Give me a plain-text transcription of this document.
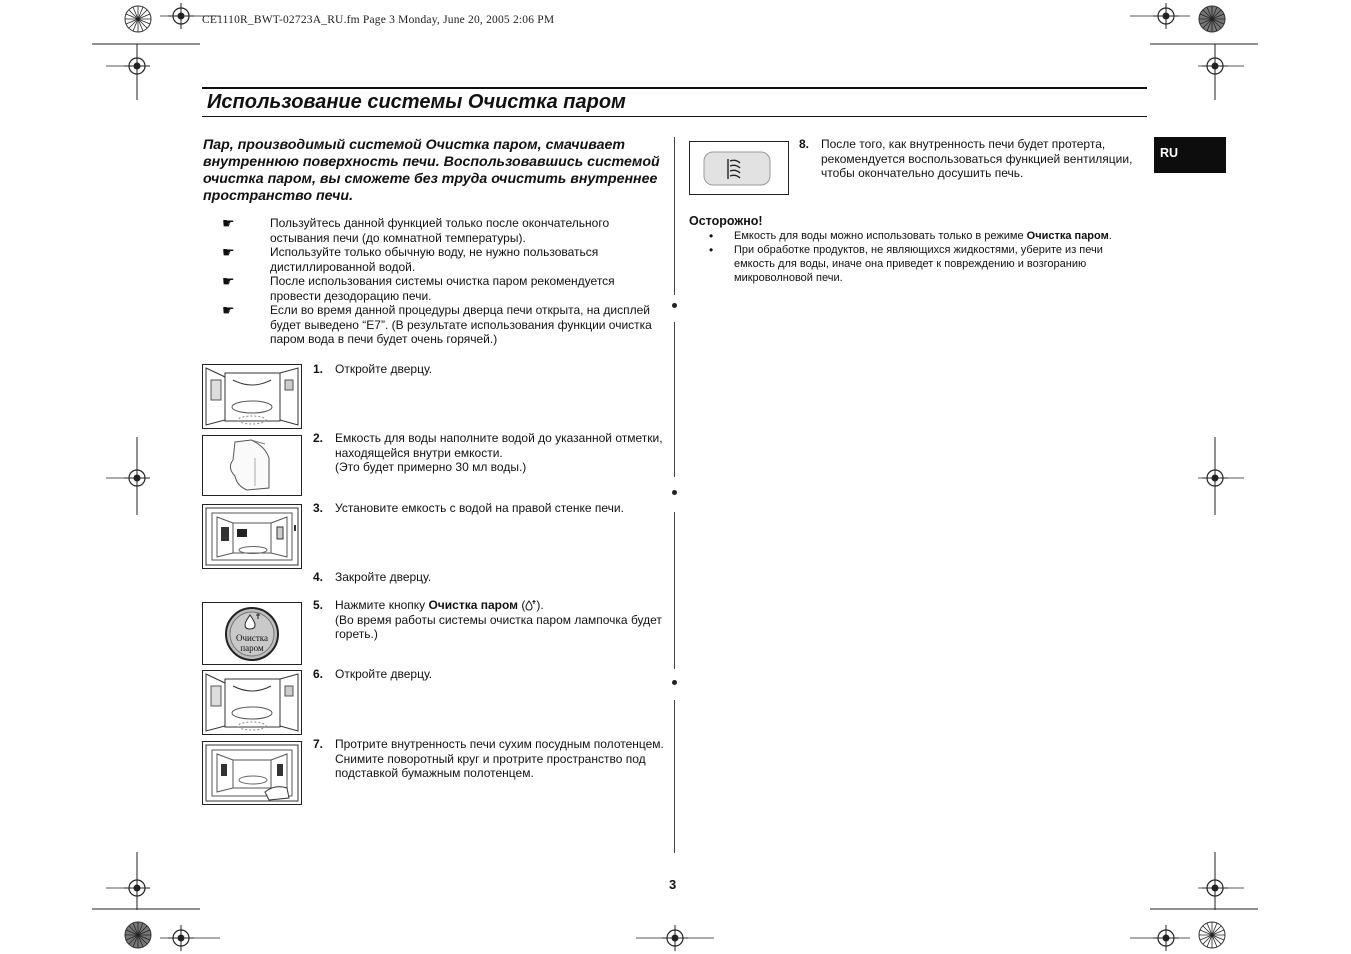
CE1110R_BWT-02723A_RU.fm Page 3 Monday, June 20, 2005 2:06 PM
Использование системы Очистка паром
RU
Пар, производимый системой Очистка паром, смачивает внутреннюю поверхность печи. Воспользовавшись системой очистка паром, вы сможете без труда очистить внутреннее пространство печи.
☛	Пользуйтесь данной функцией только после окончательного остывания печи (до комнатной температуры).
☛	Используйте только обычную воду, не нужно пользоваться дистиллированной водой.
☛	После использования системы очистка паром рекомендуется провести дезодорацию печи.
☛	Если во время данной процедуры дверца печи открыта, на дисплей будет выведено “E7”. (В результате использования функции очистка паром вода в печи будет очень горячей.)
Очистка
паром
1. Откройте дверцу.
2. Емкость для воды наполните водой до указанной отметки, находящейся внутри емкости.
(Это будет примерно 30 мл воды.)
3. Установите емкость с водой на правой стенке печи.
4. Закройте дверцу.
5. Нажмите кнопку Очистка паром ( ).
(Во время работы системы очистка паром лампочка будет гореть.)
6. Откройте дверцу.
7. Протрите внутренность печи сухим посудным полотенцем.
Снимите поворотный круг и протрите пространство под подставкой бумажным полотенцем.
8. После того, как внутренность печи будет протерта, рекомендуется воспользоваться функцией вентиляции, чтобы окончательно досушить печь.
Осторожно!
• Емкость для воды можно использовать только в режиме Очистка паром.
• При обработке продуктов, не являющихся жидкостями, уберите из печи емкость для воды, иначе она приведет к повреждению и возгоранию микроволновой печи.
3
